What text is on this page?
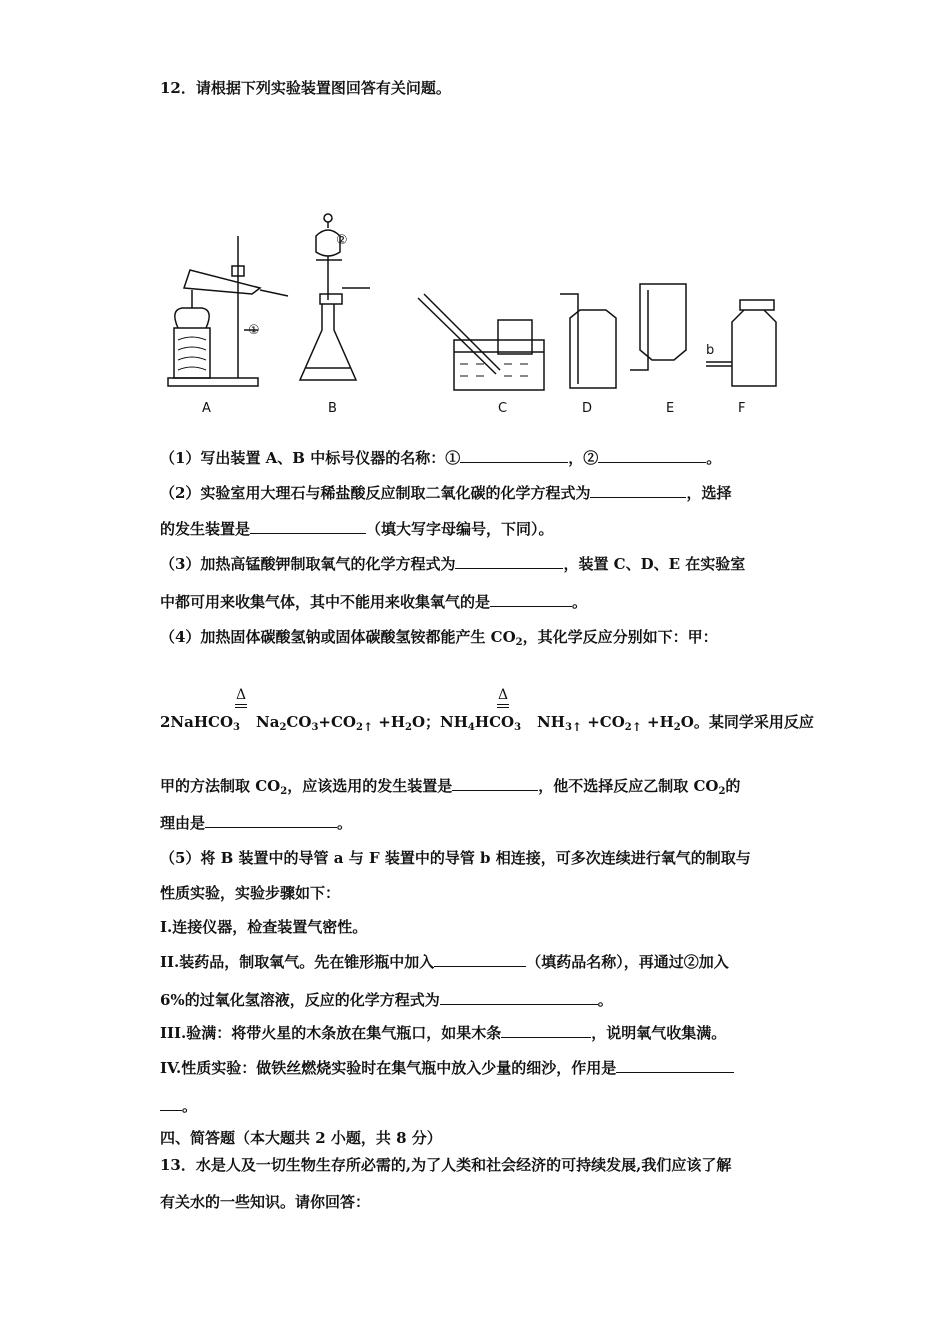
12．请根据下列实验装置图回答有关问题。
①
②
b
A	B	C	D	E	F
（1）写出装置 A、B 中标号仪器的名称：①	，②	。
（2）实验室用大理石与稀盐酸反应制取二氧化碳的化学方程式为	，选择
的发生装置是	（填大写字母编号，下同）。
（3）加热高锰酸钾制取氧气的化学方程式为	，装置 C、D、E 在实验室
中都可用来收集气体，其中不能用来收集氧气的是	。
（4）加热固体碳酸氢钠或固体碳酸氢铵都能产生 $CO_2$，其化学反应分别如下：甲：
Δ	Δ
2NaHCO$_3$ $Na_2CO_3+CO_{2↑} +H_2O$；$NH_4HCO_3$ $NH_{3↑} +CO_{2↑} +H_2O$。某同学采用反应
甲的方法制取 $CO_2$，应该选用的发生装置是	，他不选择反应乙制取 $CO_2$的
理由是	。
（5）将 B 装置中的导管 a 与 F 装置中的导管 b 相连接，可多次连续进行氧气的制取与
性质实验，实验步骤如下：
I.连接仪器，检查装置气密性。
II.装药品，制取氧气。先在锥形瓶中加入	（填药品名称），再通过②加入
6%的过氧化氢溶液，反应的化学方程式为	。
III.验满：将带火星的木条放在集气瓶口，如果木条	，说明氧气收集满。
IV.性质实验：做铁丝燃烧实验时在集气瓶中放入少量的细沙，作用是
。
四、简答题（本大题共 2 小题，共 8 分）
13．水是人及一切生物生存所必需的,为了人类和社会经济的可持续发展,我们应该了解
有关水的一些知识。请你回答：
